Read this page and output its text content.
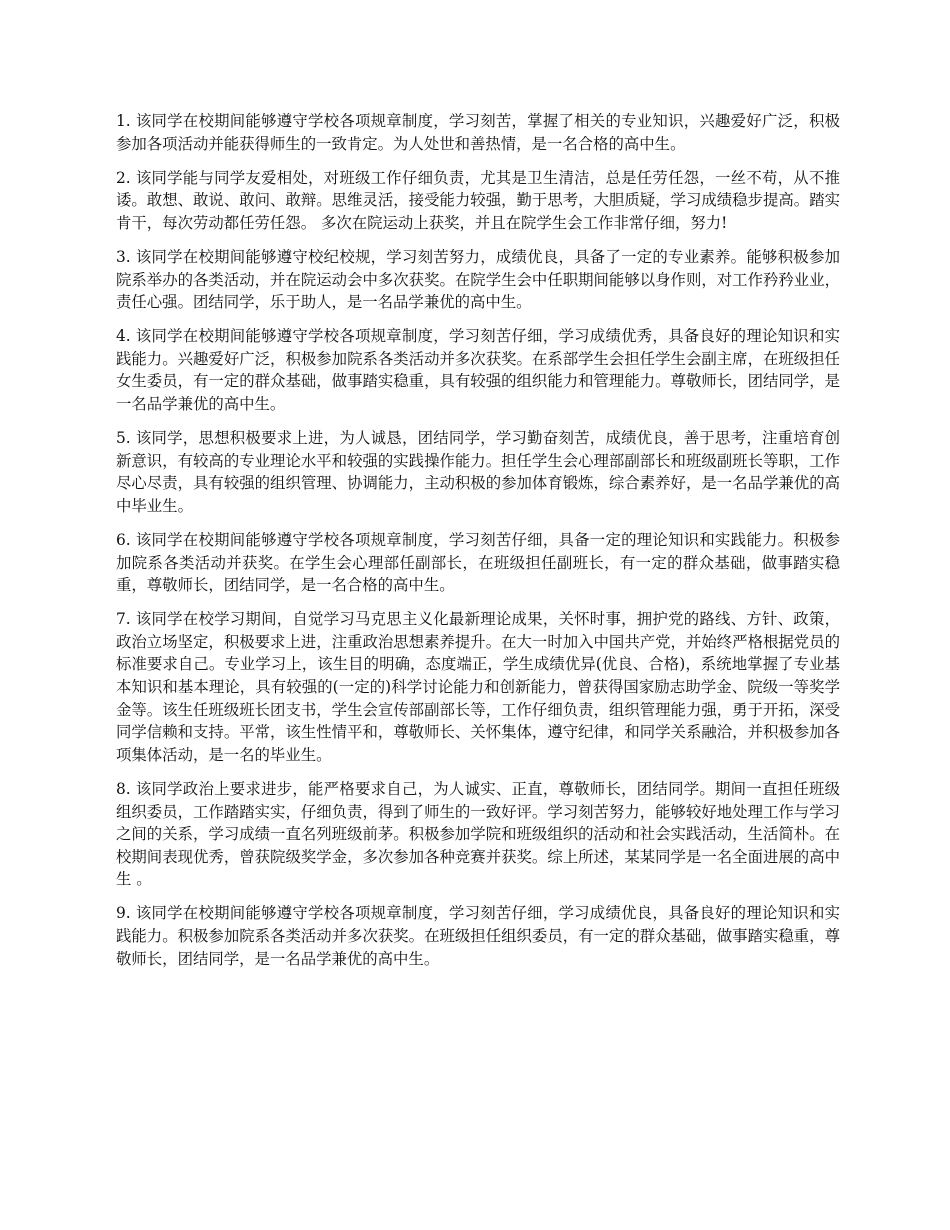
1. 该同学在校期间能够遵守学校各项规章制度，学习刻苦，掌握了相关的专业知识，兴趣爱好广泛，积极参加各项活动并能获得师生的一致肯定。为人处世和善热情，是一名合格的高中生。

2. 该同学能与同学友爱相处，对班级工作仔细负责，尤其是卫生清洁，总是任劳任怨，一丝不苟，从不推诿。敢想、敢说、敢问、敢辩。思维灵活，接受能力较强，勤于思考，大胆质疑，学习成绩稳步提高。踏实肯干，每次劳动都任劳任怨。 多次在院运动上获奖，并且在院学生会工作非常仔细，努力!

3. 该同学在校期间能够遵守校纪校规，学习刻苦努力，成绩优良，具备了一定的专业素养。能够积极参加院系举办的各类活动，并在院运动会中多次获奖。在院学生会中任职期间能够以身作则，对工作矜矜业业，责任心强。团结同学，乐于助人，是一名品学兼优的高中生。

4. 该同学在校期间能够遵守学校各项规章制度，学习刻苦仔细，学习成绩优秀，具备良好的理论知识和实践能力。兴趣爱好广泛，积极参加院系各类活动并多次获奖。在系部学生会担任学生会副主席，在班级担任女生委员，有一定的群众基础，做事踏实稳重，具有较强的组织能力和管理能力。尊敬师长，团结同学，是一名品学兼优的高中生。

5. 该同学，思想积极要求上进，为人诚恳，团结同学，学习勤奋刻苦，成绩优良，善于思考，注重培育创新意识，有较高的专业理论水平和较强的实践操作能力。担任学生会心理部副部长和班级副班长等职，工作尽心尽责，具有较强的组织管理、协调能力，主动积极的参加体育锻炼，综合素养好，是一名品学兼优的高中毕业生。

6. 该同学在校期间能够遵守学校各项规章制度，学习刻苦仔细，具备一定的理论知识和实践能力。积极参加院系各类活动并获奖。在学生会心理部任副部长，在班级担任副班长，有一定的群众基础，做事踏实稳重，尊敬师长，团结同学，是一名合格的高中生。

7. 该同学在校学习期间，自觉学习马克思主义化最新理论成果，关怀时事，拥护党的路线、方针、政策，政治立场坚定，积极要求上进，注重政治思想素养提升。在大一时加入中国共产党，并始终严格根据党员的标准要求自己。专业学习上，该生目的明确，态度端正，学生成绩优异(优良、合格)，系统地掌握了专业基本知识和基本理论，具有较强的(一定的)科学讨论能力和创新能力，曾获得国家励志助学金、院级一等奖学金等。该生任班级班长团支书，学生会宣传部副部长等，工作仔细负责，组织管理能力强，勇于开拓，深受同学信赖和支持。平常，该生性情平和，尊敬师长、关怀集体，遵守纪律，和同学关系融洽，并积极参加各项集体活动，是一名的毕业生。

8. 该同学政治上要求进步，能严格要求自己，为人诚实、正直，尊敬师长，团结同学。期间一直担任班级组织委员，工作踏踏实实，仔细负责，得到了师生的一致好评。学习刻苦努力，能够较好地处理工作与学习之间的关系，学习成绩一直名列班级前茅。积极参加学院和班级组织的活动和社会实践活动，生活简朴。在校期间表现优秀，曾获院级奖学金，多次参加各种竞赛并获奖。综上所述，某某同学是一名全面进展的高中生 。

9. 该同学在校期间能够遵守学校各项规章制度，学习刻苦仔细，学习成绩优良，具备良好的理论知识和实践能力。积极参加院系各类活动并多次获奖。在班级担任组织委员，有一定的群众基础，做事踏实稳重，尊敬师长，团结同学，是一名品学兼优的高中生。
